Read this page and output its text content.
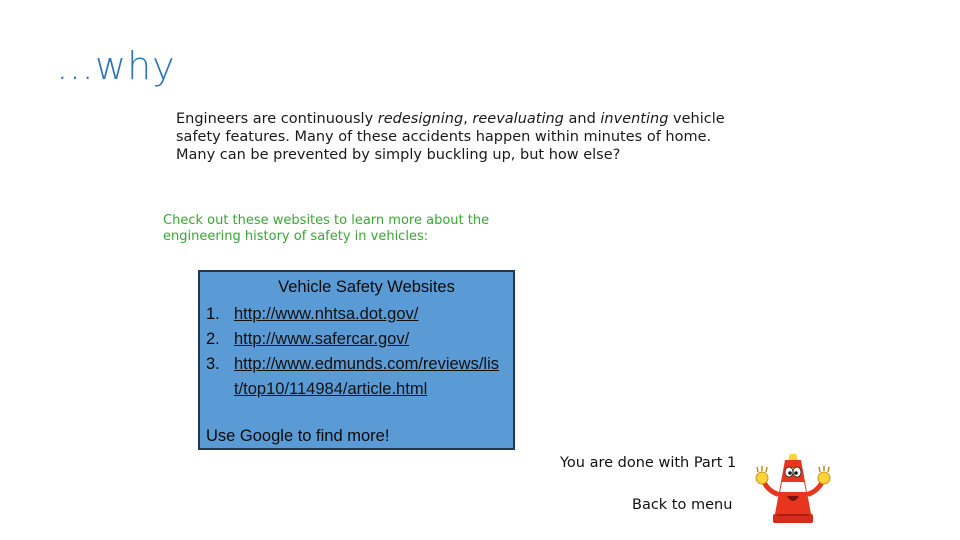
…why
Engineers are continuously redesigning, reevaluating and inventing vehicle safety features. Many of these accidents happen within minutes of home. Many can be prevented by simply buckling up, but how else?
Check out these websites to learn more about the engineering history of safety in vehicles:
Vehicle Safety Websites
1. http://www.nhtsa.dot.gov/
2. http://www.safercar.gov/
3. http://www.edmunds.com/reviews/list/top10/114984/article.html
Use Google to find more!
You are done with Part 1
Back to menu
